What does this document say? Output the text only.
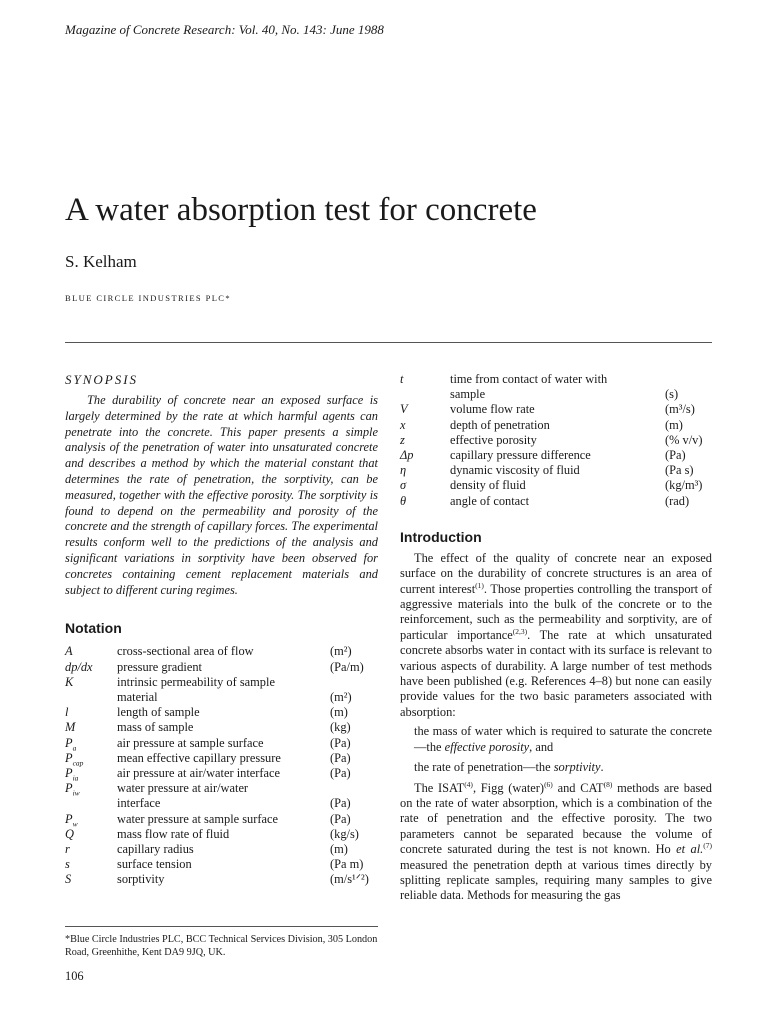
Magazine of Concrete Research: Vol. 40, No. 143: June 1988
A water absorption test for concrete
S. Kelham
BLUE CIRCLE INDUSTRIES PLC*
SYNOPSIS

The durability of concrete near an exposed surface is largely determined by the rate at which harmful agents can penetrate into the concrete. This paper presents a simple analysis of the penetration of water into unsaturated concrete and describes a method by which the material constant that determines the rate of penetration, the sorptivity, can be measured, together with the effective porosity. The sorptivity is found to depend on the permeability and porosity of the concrete and the strength of capillary forces. The experimental results conform well to the predictions of the analysis and significant variations in sorptivity have been observed for concretes containing cement replacement materials and subject to different curing regimes.

Notation
A	cross-sectional area of flow	(m²)
dp/dx	pressure gradient	(Pa/m)
K	intrinsic permeability of sample	
	material	(m²)
l	length of sample	(m)
M	mass of sample	(kg)
$P_a$	air pressure at sample surface	(Pa)
$P_{cap}$	mean effective capillary pressure	(Pa)
$P_{ia}$	air pressure at air/water interface	(Pa)
$P_{iw}$	water pressure at air/water	
	interface	(Pa)
$P_w$	water pressure at sample surface	(Pa)
Q	mass flow rate of fluid	(kg/s)
r	capillary radius	(m)
s	surface tension	(Pa m)
S	sorptivity	(m/s¹ᐟ²)
*Blue Circle Industries PLC, BCC Technical Services Division, 305 London Road, Greenhithe, Kent DA9 9JQ, UK.
106
t	time from contact of water with	
	sample	(s)
V	volume flow rate	(m³/s)
x	depth of penetration	(m)
z	effective porosity	(% v/v)
Δp	capillary pressure difference	(Pa)
η	dynamic viscosity of fluid	(Pa s)
σ	density of fluid	(kg/m³)
θ	angle of contact	(rad)
Introduction

The effect of the quality of concrete near an exposed surface on the durability of concrete structures is an area of current interest$^{(1)}$. Those properties controlling the transport of aggressive materials into the bulk of the concrete or to the reinforcement, such as the permeability and sorptivity, are of particular importance$^{(2,3)}$. The rate at which unsaturated concrete absorbs water in contact with its surface is relevant to various aspects of durability. A large number of test methods have been published (e.g. References 4–8) but none can easily provide values for the two basic parameters associated with absorption:

the mass of water which is required to saturate the concrete—the effective porosity, and

the rate of penetration—the sorptivity.

The ISAT$^{(4)}$, Figg (water)$^{(6)}$ and CAT$^{(8)}$ methods are based on the rate of water absorption, which is a combination of the rate of penetration and the effective porosity. The two parameters cannot be separated because the volume of concrete saturated during the test is not known. Ho et al.$^{(7)}$ measured the penetration depth at various times directly by splitting replicate samples, requiring many samples to give reliable data. Methods for measuring the gas
